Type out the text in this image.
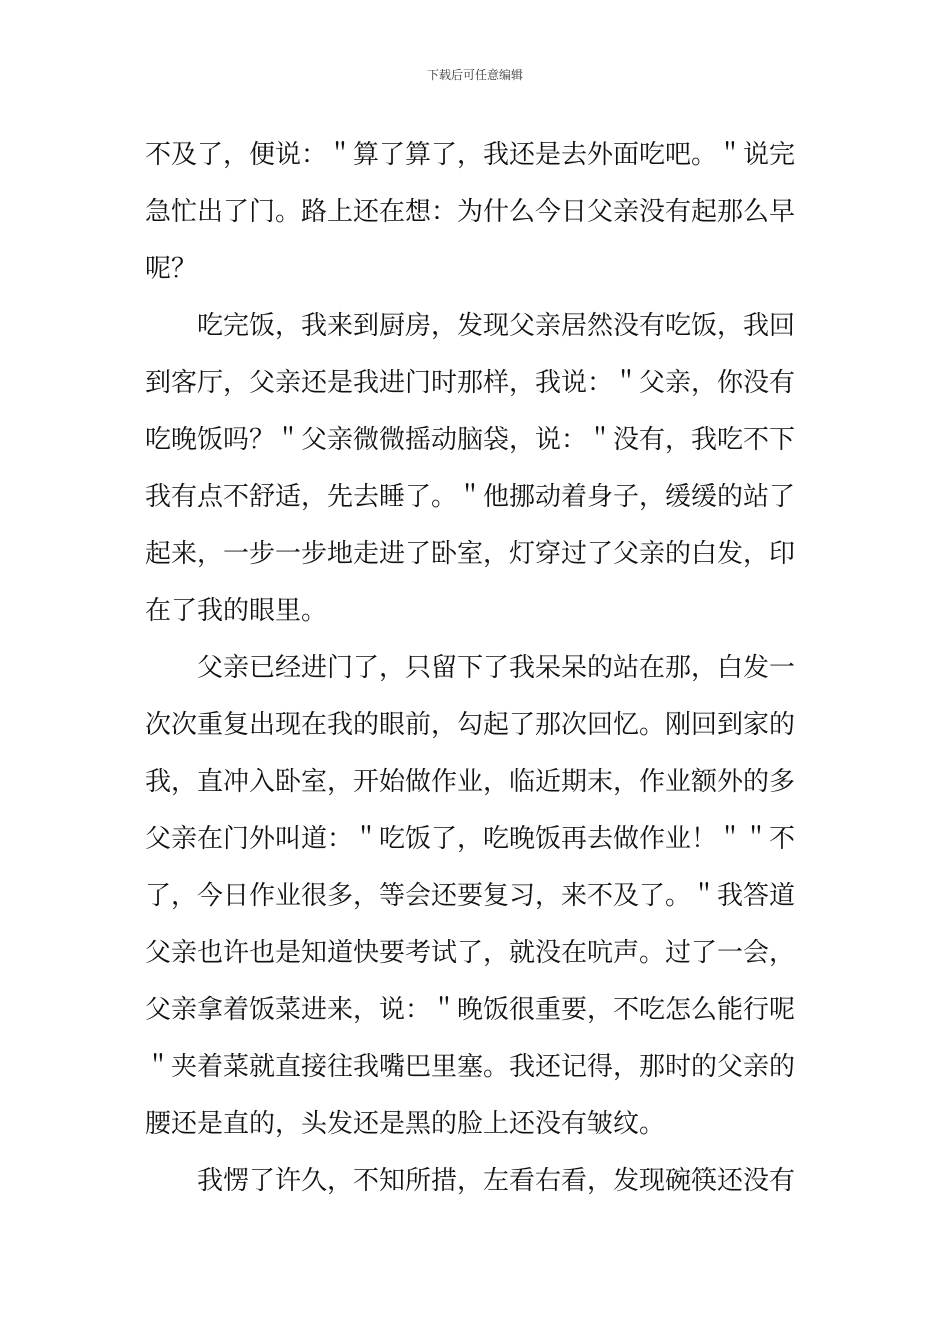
下载后可任意编辑
不及了，便说：＂算了算了，我还是去外面吃吧。＂说完
急忙出了门。路上还在想：为什么今日父亲没有起那么早
呢？
　　吃完饭，我来到厨房，发现父亲居然没有吃饭，我回
到客厅，父亲还是我进门时那样，我说：＂父亲，你没有
吃晚饭吗？＂父亲微微摇动脑袋，说：＂没有，我吃不下
我有点不舒适，先去睡了。＂他挪动着身子，缓缓的站了
起来，一步一步地走进了卧室，灯穿过了父亲的白发，印
在了我的眼里。
　　父亲已经进门了，只留下了我呆呆的站在那，白发一
次次重复出现在我的眼前，勾起了那次回忆。刚回到家的
我，直冲入卧室，开始做作业，临近期末，作业额外的多
父亲在门外叫道：＂吃饭了，吃晚饭再去做作业！＂＂不
了，今日作业很多，等会还要复习，来不及了。＂我答道
父亲也许也是知道快要考试了，就没在吭声。过了一会，
父亲拿着饭菜进来，说：＂晚饭很重要，不吃怎么能行呢
＂夹着菜就直接往我嘴巴里塞。我还记得，那时的父亲的
腰还是直的，头发还是黑的脸上还没有皱纹。
　　我愣了许久，不知所措，左看右看，发现碗筷还没有
